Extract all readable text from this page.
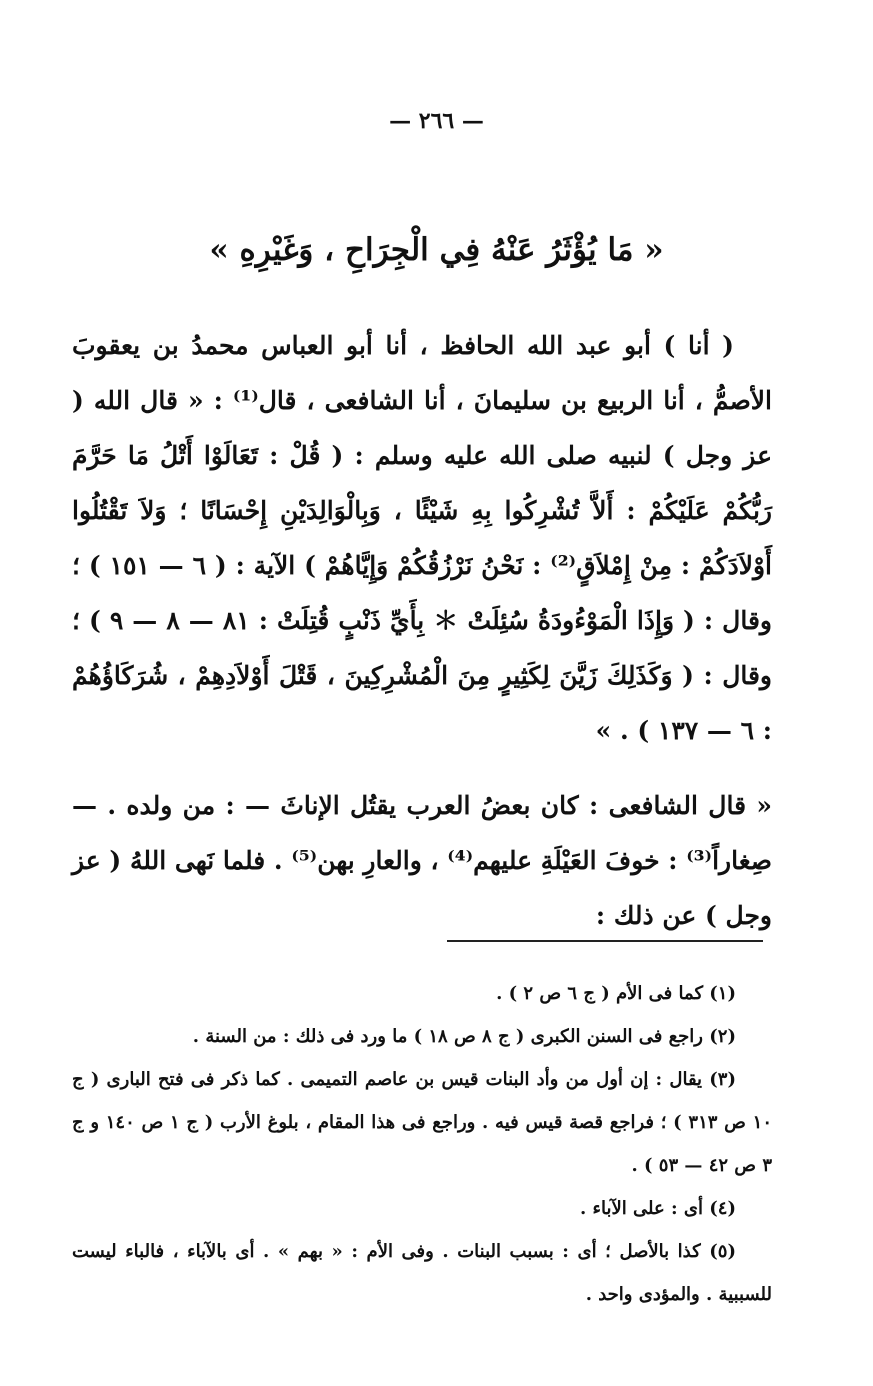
— ٢٦٦ —
« مَا يُؤْثَرُ عَنْهُ فِي الْجِرَاحِ ، وَغَيْرِهِ »

( أنا ) أبو عبد الله الحافظ ، أنا أبو العباس محمدُ بن يعقوبَ الأصمُّ ، أنا الربيع بن سليمانَ ، أنا الشافعى ، قال⁽¹⁾ : « قال الله ( عز وجل ) لنبيه صلى الله عليه وسلم : ( قُلْ : تَعَالَوْا أَتْلُ مَا حَرَّمَ رَبُّكُمْ عَلَيْكُمْ : أَلاَّ تُشْرِكُوا بِهِ شَيْئًا ، وَبِالْوَالِدَيْنِ إِحْسَانًا ؛ وَلاَ تَقْتُلُوا أَوْلاَدَكُمْ : مِنْ إِمْلاَقٍ⁽²⁾ : نَحْنُ نَرْزُقُكُمْ وَإِيَّاهُمْ ) الآية : ( ٦ — ١٥١ ) ؛ وقال : ( وَإِذَا الْمَوْءُودَةُ سُئِلَتْ ＊ بِأَيِّ ذَنْبٍ قُتِلَتْ : ٨١ — ٨ — ٩ ) ؛ وقال : ( وَكَذَلِكَ زَيَّنَ لِكَثِيرٍ مِنَ الْمُشْرِكِينَ ، قَتْلَ أَوْلاَدِهِمْ ، شُرَكَاؤُهُمْ : ٦ — ١٣٧ ) . »

« قال الشافعى : كان بعضُ العرب يقتُل الإناثَ — : من ولده . — صِغاراً⁽³⁾ : خوفَ العَيْلَةِ عليهم⁽⁴⁾ ، والعارِ بهن⁽⁵⁾ . فلما نَهى اللهُ ( عز وجل ) عن ذلك :

(١) كما فى الأم ( ج ٦ ص ٢ ) .

(٢) راجع فى السنن الكبرى ( ج ٨ ص ١٨ ) ما ورد فى ذلك : من السنة .

(٣) يقال : إن أول من وأد البنات قيس بن عاصم التميمى . كما ذكر فى فتح البارى ( ج ١٠ ص ٣١٣ ) ؛ فراجع قصة قيس فيه . وراجع فى هذا المقام ، بلوغ الأرب ( ج ١ ص ١٤٠ و ج ٣ ص ٤٢ — ٥٣ ) .

(٤) أى : على الآباء .

(٥) كذا بالأصل ؛ أى : بسبب البنات . وفى الأم : « بهم » . أى بالآباء ، فالباء ليست للسببية . والمؤدى واحد .
